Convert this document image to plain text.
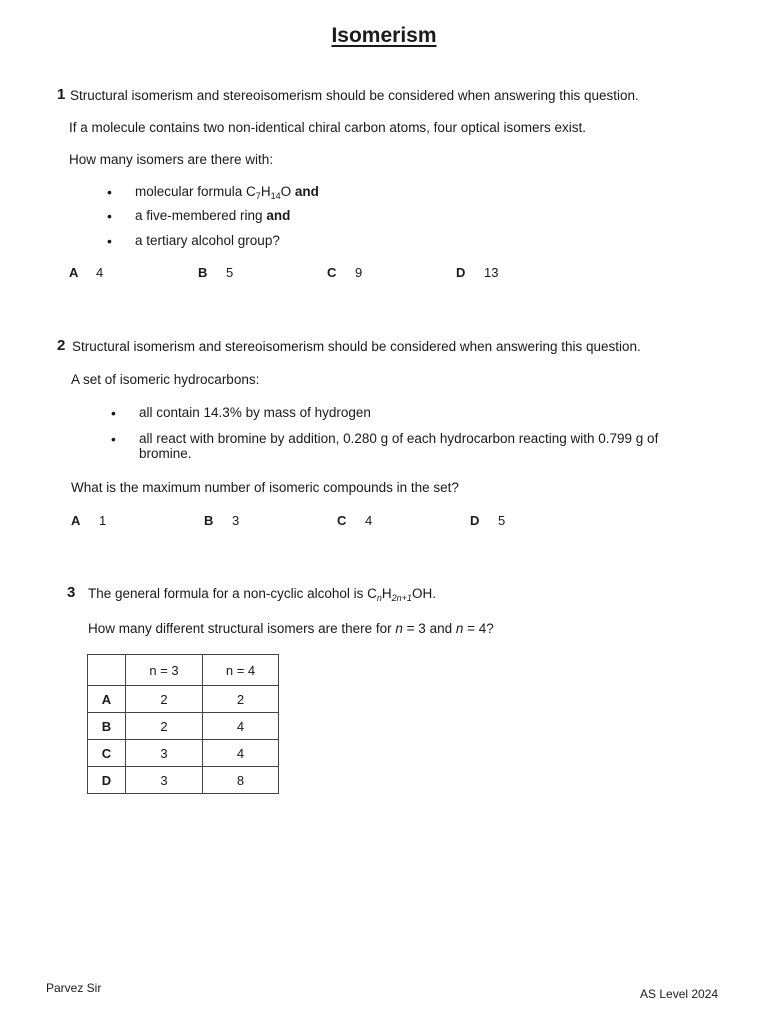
Isomerism
1 Structural isomerism and stereoisomerism should be considered when answering this question.
If a molecule contains two non-identical chiral carbon atoms, four optical isomers exist.
How many isomers are there with:
• molecular formula $C_7H_{14}O$ and
• a five-membered ring and
• a tertiary alcohol group?
A 4	B 5	C 9	D 13
2 Structural isomerism and stereoisomerism should be considered when answering this question.
A set of isomeric hydrocarbons:
• all contain 14.3% by mass of hydrogen
• all react with bromine by addition, 0.280 g of each hydrocarbon reacting with 0.799 g of
bromine.
What is the maximum number of isomeric compounds in the set?
A 1	B 3	C 4	D 5
3 The general formula for a non-cyclic alcohol is $C_nH_{2n+1}OH$.
How many different structural isomers are there for n = 3 and n = 4?
	n = 3	n = 4
A	2	2
B	2	4
C	3	4
D	3	8
Parvez Sir	AS Level 2024
